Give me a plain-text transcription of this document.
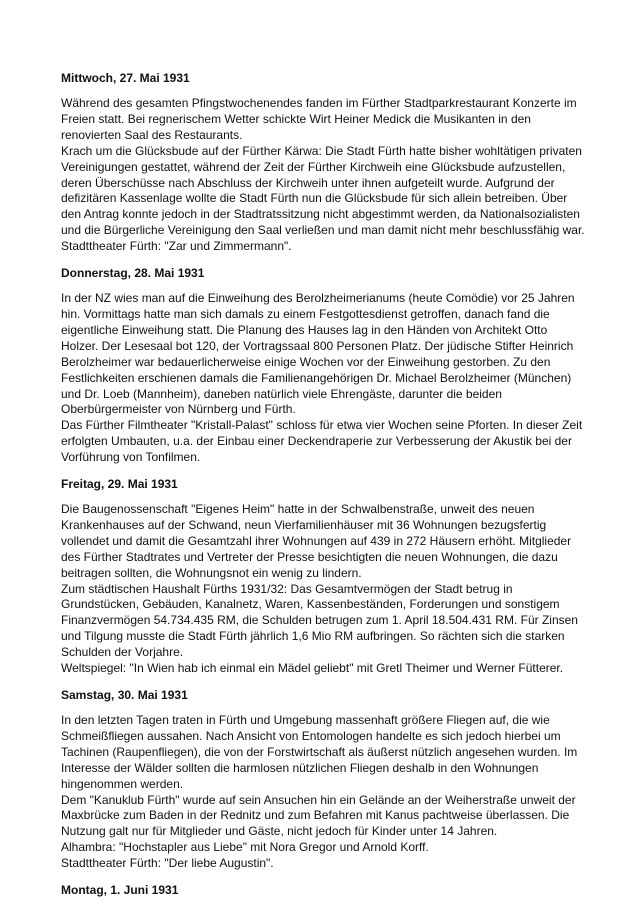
Mittwoch, 27. Mai 1931
Während des gesamten Pfingstwochenendes fanden im Fürther Stadtparkrestaurant Konzerte im
Freien statt. Bei regnerischem Wetter schickte Wirt Heiner Medick die Musikanten in den
renovierten Saal des Restaurants.
Krach um die Glücksbude auf der Fürther Kärwa: Die Stadt Fürth hatte bisher wohltätigen privaten
Vereinigungen gestattet, während der Zeit der Fürther Kirchweih eine Glücksbude aufzustellen,
deren Überschüsse nach Abschluss der Kirchweih unter ihnen aufgeteilt wurde. Aufgrund der
defizitären Kassenlage wollte die Stadt Fürth nun die Glücksbude für sich allein betreiben. Über
den Antrag konnte jedoch in der Stadtratssitzung nicht abgestimmt werden, da Nationalsozialisten
und die Bürgerliche Vereinigung den Saal verließen und man damit nicht mehr beschlussfähig war.
Stadttheater Fürth: "Zar und Zimmermann".
Donnerstag, 28. Mai 1931
In der NZ wies man auf die Einweihung des Berolzheimerianums (heute Comödie) vor 25 Jahren
hin. Vormittags hatte man sich damals zu einem Festgottesdienst getroffen, danach fand die
eigentliche Einweihung statt. Die Planung des Hauses lag in den Händen von Architekt Otto
Holzer. Der Lesesaal bot 120, der Vortragssaal 800 Personen Platz. Der jüdische Stifter Heinrich
Berolzheimer war bedauerlicherweise einige Wochen vor der Einweihung gestorben. Zu den
Festlichkeiten erschienen damals die Familienangehörigen Dr. Michael Berolzheimer (München)
und Dr. Loeb (Mannheim), daneben natürlich viele Ehrengäste, darunter die beiden
Oberbürgermeister von Nürnberg und Fürth.
Das Fürther Filmtheater "Kristall-Palast" schloss für etwa vier Wochen seine Pforten. In dieser Zeit
erfolgten Umbauten, u.a. der Einbau einer Deckendraperie zur Verbesserung der Akustik bei der
Vorführung von Tonfilmen.
Freitag, 29. Mai 1931
Die Baugenossenschaft "Eigenes Heim" hatte in der Schwalbenstraße, unweit des neuen
Krankenhauses auf der Schwand, neun Vierfamilienhäuser mit 36 Wohnungen bezugsfertig
vollendet und damit die Gesamtzahl ihrer Wohnungen auf 439 in 272 Häusern erhöht. Mitglieder
des Fürther Stadtrates und Vertreter der Presse besichtigten die neuen Wohnungen, die dazu
beitragen sollten, die Wohnungsnot ein wenig zu lindern.
Zum städtischen Haushalt Fürths 1931/32: Das Gesamtvermögen der Stadt betrug in
Grundstücken, Gebäuden, Kanalnetz, Waren, Kassenbeständen, Forderungen und sonstigem
Finanzvermögen 54.734.435 RM, die Schulden betrugen zum 1. April 18.504.431 RM. Für Zinsen
und Tilgung musste die Stadt Fürth jährlich 1,6 Mio RM aufbringen. So rächten sich die starken
Schulden der Vorjahre.
Weltspiegel: "In Wien hab ich einmal ein Mädel geliebt" mit Gretl Theimer und Werner Fütterer.
Samstag, 30. Mai 1931
In den letzten Tagen traten in Fürth und Umgebung massenhaft größere Fliegen auf, die wie
Schmeißfliegen aussahen. Nach Ansicht von Entomologen handelte es sich jedoch hierbei um
Tachinen (Raupenfliegen), die von der Forstwirtschaft als äußerst nützlich angesehen wurden. Im
Interesse der Wälder sollten die harmlosen nützlichen Fliegen deshalb in den Wohnungen
hingenommen werden.
Dem "Kanuklub Fürth" wurde auf sein Ansuchen hin ein Gelände an der Weiherstraße unweit der
Maxbrücke zum Baden in der Rednitz und zum Befahren mit Kanus pachtweise überlassen. Die
Nutzung galt nur für Mitglieder und Gäste, nicht jedoch für Kinder unter 14 Jahren.
Alhambra: "Hochstapler aus Liebe" mit Nora Gregor und Arnold Korff.
Stadttheater Fürth: "Der liebe Augustin".
Montag, 1. Juni 1931
